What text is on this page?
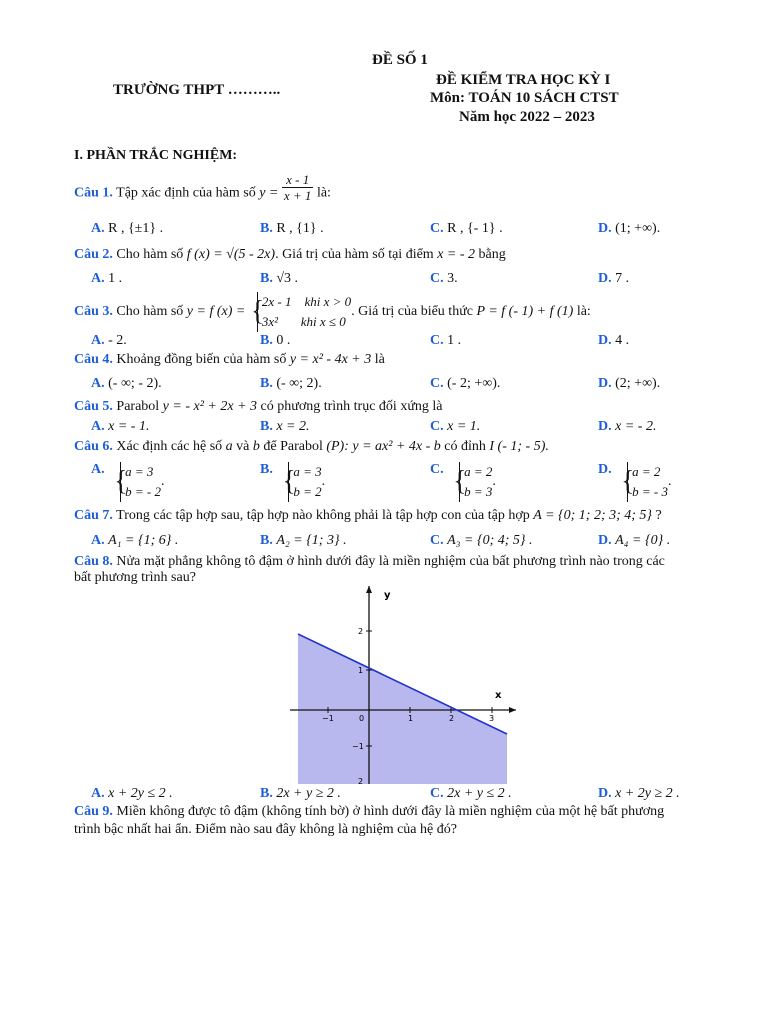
ĐỀ SỐ 1
TRƯỜNG THPT ………..
ĐỀ KIỂM TRA HỌC KỲ I
Môn: TOÁN 10 SÁCH CTST
Năm học 2022 – 2023
I. PHẦN TRẮC NGHIỆM:
Câu 1. Tập xác định của hàm số $y = \frac{x - 1}{x + 1}$ là:
A. R , {±1} .	B. R , {1} .	C. R , {- 1} .	D. (1; +∞).
Câu 2. Cho hàm số f (x) = √(5 - 2x). Giá trị của hàm số tại điểm x = - 2 bằng
A. 1 .	B. √3 .	C. 3.	D. 7 .
Câu 3. Cho hàm số y = f (x) = { 2x - 1    khi x > 0
3x²       khi x ≤ 0. Giá trị của biểu thức P = f (- 1) + f (1) là:
A. - 2.	B. 0 .	C. 1 .	D. 4 .
Câu 4. Khoảng đồng biến của hàm số y = x² - 4x + 3 là
A. (- ∞; - 2).	B. (- ∞; 2).	C. (- 2; +∞).	D. (2; +∞).
Câu 5. Parabol y = - x² + 2x + 3 có phương trình trục đối xứng là
A. x = - 1.	B. x = 2.	C. x = 1.	D. x = - 2.
Câu 6. Xác định các hệ số a và b để Parabol (P): y = ax² + 4x - b có đỉnh I (- 1; - 5).
A. { a = 3
b = - 2.
B. { a = 3
b = 2.
C. { a = 2
b = 3.
D. { a = 2
b = - 3.
Câu 7. Trong các tập hợp sau, tập hợp nào không phải là tập hợp con của tập hợp A = {0; 1; 2; 3; 4; 5} ?
A. A₁ = {1; 6} .	B. A₂ = {1; 3} .	C. A₃ = {0; 4; 5} .	D. A₄ = {0} .
Câu 8. Nửa mặt phẳng không tô đậm ở hình dưới đây là miền nghiệm của bất phương trình nào trong các
bất phương trình sau?
y
x
−1	0	1	2	3
2
1
−1
2
A. x + 2y ≤ 2 .	B. 2x + y ≥ 2 .	C. 2x + y ≤ 2 .	D. x + 2y ≥ 2 .
Câu 9. Miền không được tô đậm (không tính bờ) ở hình dưới đây là miền nghiệm của một hệ bất phương
trình bậc nhất hai ẩn. Điểm nào sau đây không là nghiệm của hệ đó?
